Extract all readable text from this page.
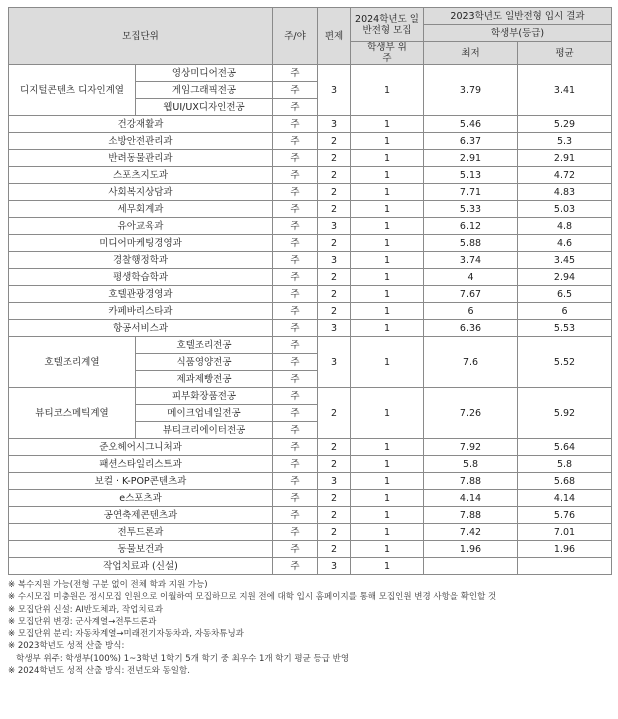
모집단위		주/야	편제	2024학년도 일반전형 모집	2023학년도 일반전형 입시 결과	
					학생부(등급)	
				학생부 위주	최저	평균
디지털콘텐츠 디자인계열	영상미디어전공	주	3	1	3.79	3.41
	게임그래픽전공	주				
	웹UI/UX디자인전공	주				
건강재활과		주	3	1	5.46	5.29
소방안전관리과		주	2	1	6.37	5.3
반려동물관리과		주	2	1	2.91	2.91
스포츠지도과		주	2	1	5.13	4.72
사회복지상담과		주	2	1	7.71	4.83
세무회계과		주	2	1	5.33	5.03
유아교육과		주	3	1	6.12	4.8
미디어마케팅경영과		주	2	1	5.88	4.6
경찰행정학과		주	3	1	3.74	3.45
평생학습학과		주	2	1	4	2.94
호텔관광경영과		주	2	1	7.67	6.5
카페바리스타과		주	2	1	6	6
항공서비스과		주	3	1	6.36	5.53
호텔조리계열	호텔조리전공	주	3	1	7.6	5.52
	식품영양전공	주				
	제과제빵전공	주				
뷰티코스메틱계열	피부화장품전공	주	2	1	7.26	5.92
	메이크업네일전공	주				
	뷰티크리에이터전공	주				
준오헤어시그니처과		주	2	1	7.92	5.64
패션스타일리스트과		주	2	1	5.8	5.8
보컬 · K-POP콘텐츠과		주	3	1	7.88	5.68
e스포츠과		주	2	1	4.14	4.14
공연축제콘텐츠과		주	2	1	7.88	5.76
전투드론과		주	2	1	7.42	7.01
동물보건과		주	2	1	1.96	1.96
작업치료과 (신설)		주	3	1		
※ 복수지원 가능(전형 구분 없이 전체 학과 지원 가능)
※ 수시모집 미충원은 정시모집 인원으로 이월하여 모집하므로 지원 전에 대학 입시 홈페이지를 통해 모집인원 변경 사항을 확인할 것
※ 모집단위 신설: AI반도체과, 작업치료과
※ 모집단위 변경: 군사계열→전투드론과
※ 모집단위 분리: 자동차계열→미래전기자동차과, 자동차튜닝과
※ 2023학년도 성적 산출 방식:
학생부 위주: 학생부(100%) 1~3학년 1학기 5개 학기 중 최우수 1개 학기 평균 등급 반영
※ 2024학년도 성적 산출 방식: 전년도와 동일함.
